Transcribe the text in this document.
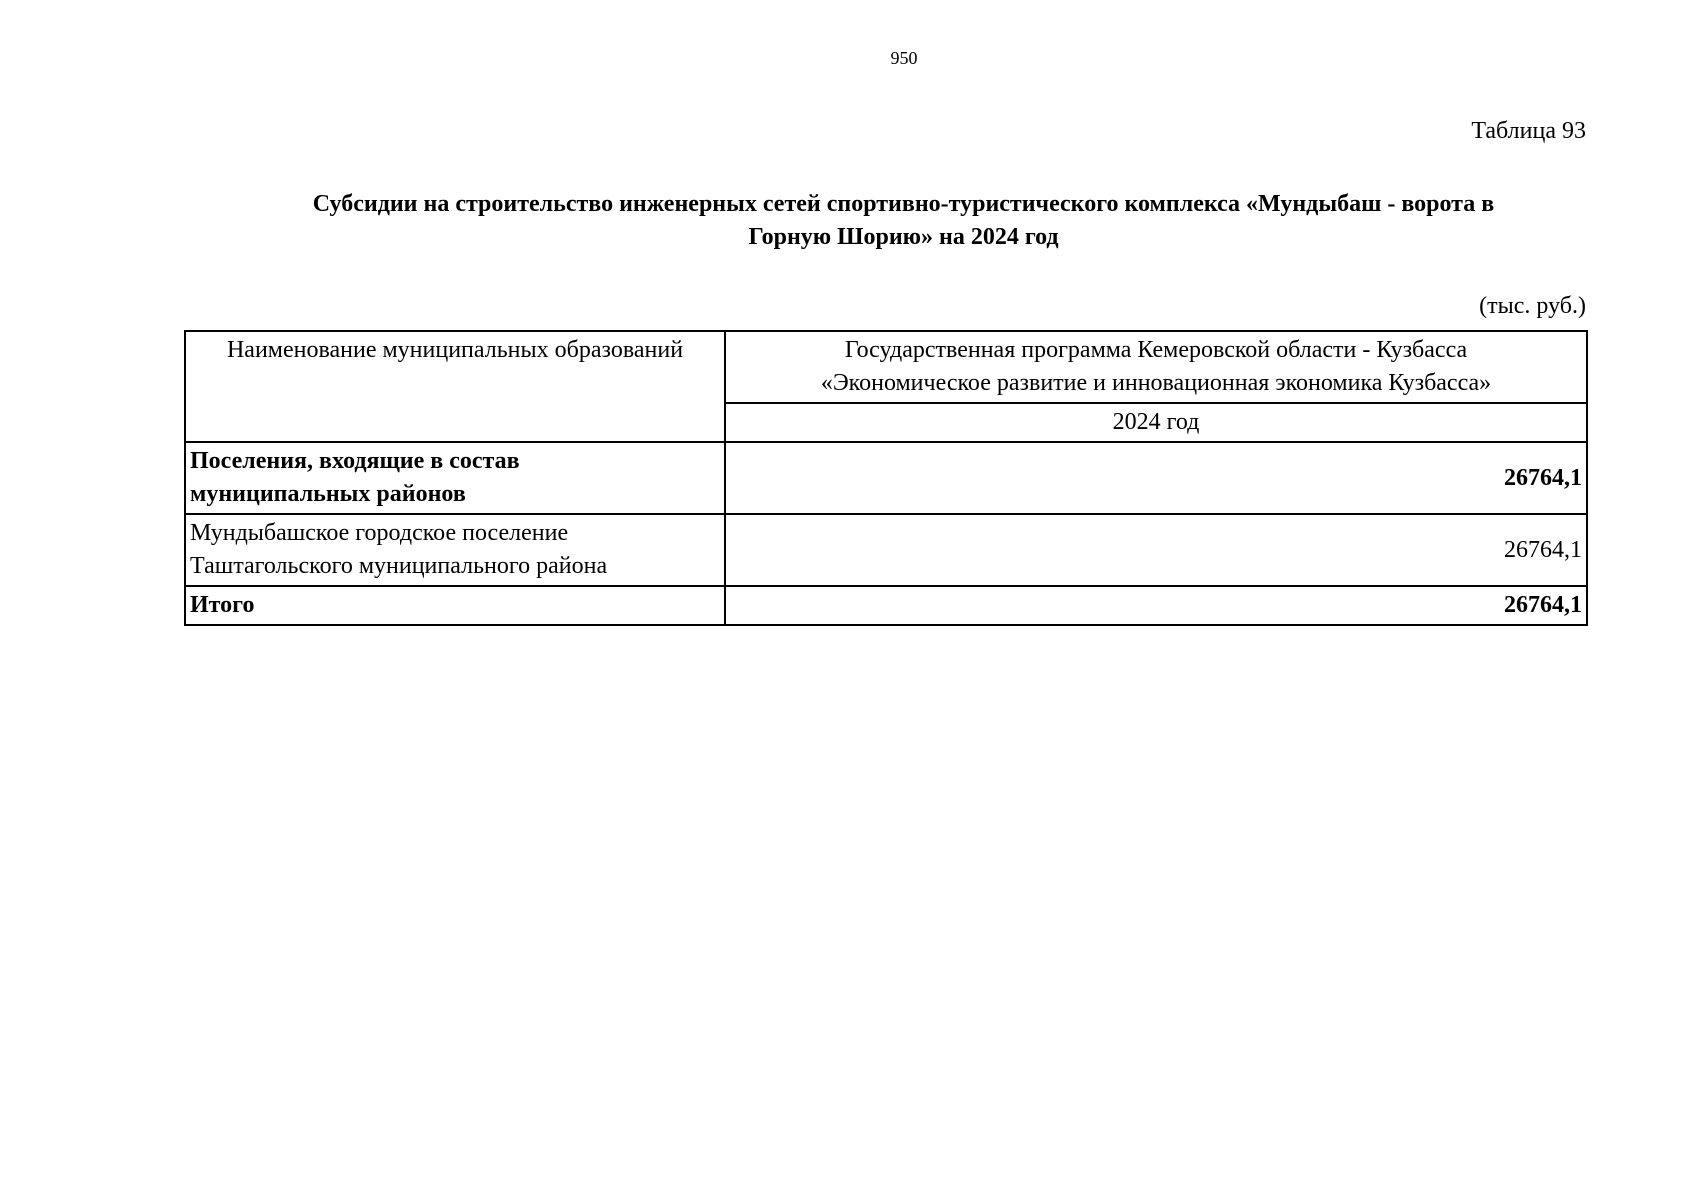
950
Таблица 93
Субсидии на строительство инженерных сетей спортивно-туристического комплекса «Мундыбаш - ворота в
Горную Шорию» на 2024 год
(тыс. руб.)
Наименование муниципальных образований	Государственная программа Кемеровской области - Кузбасса
«Экономическое развитие и инновационная экономика Кузбасса»

	2024 год

Поселения, входящие в состав
муниципальных районов	26764,1

Мундыбашское городское поселение
Таштагольского муниципального района	26764,1
Итого	26764,1
